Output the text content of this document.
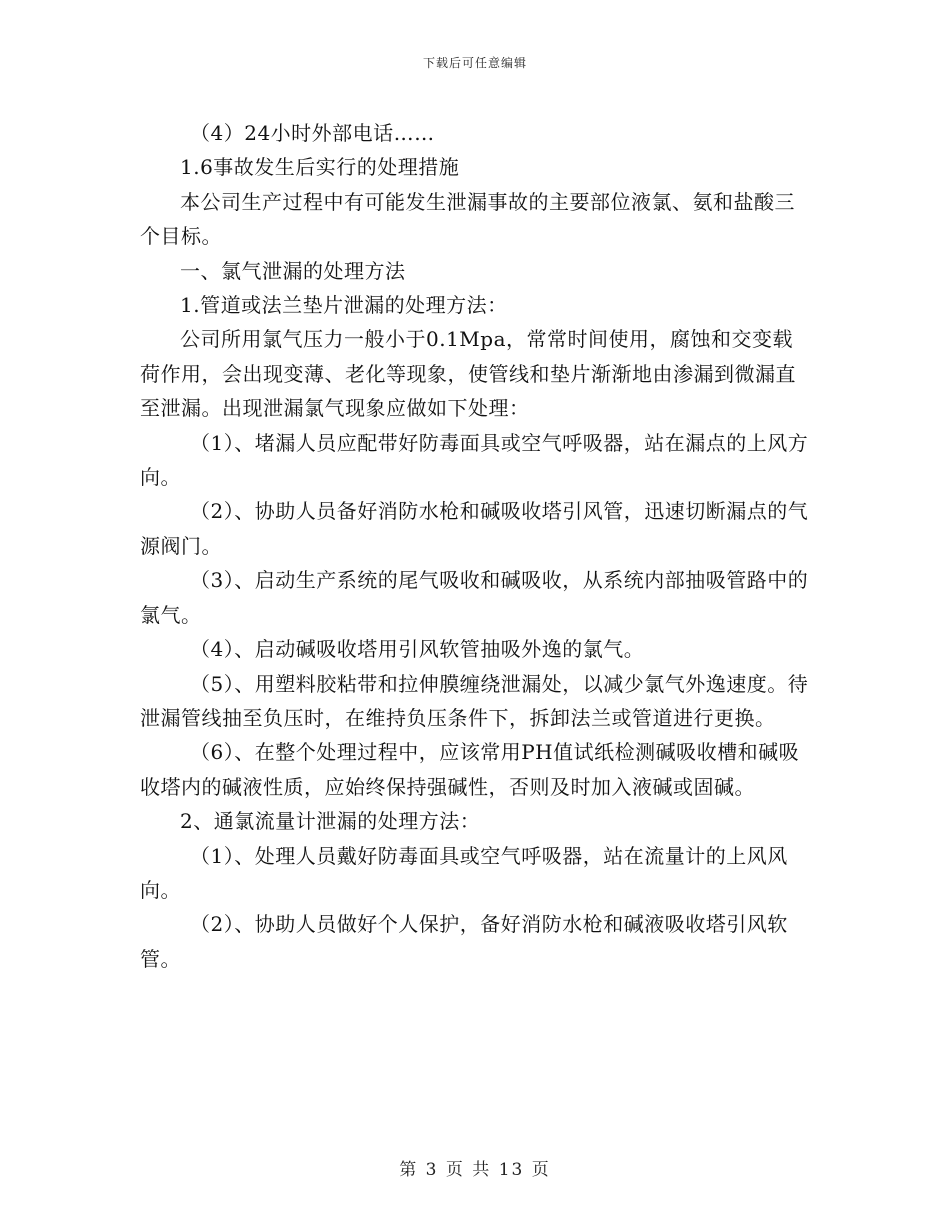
下载后可任意编辑

（4）24小时外部电话……

1.6事故发生后实行的处理措施

本公司生产过程中有可能发生泄漏事故的主要部位液氯、氨和盐酸三个目标。

一、氯气泄漏的处理方法

1.管道或法兰垫片泄漏的处理方法：

公司所用氯气压力一般小于0.1Mpa，常常时间使用，腐蚀和交变载荷作用，会出现变薄、老化等现象，使管线和垫片渐渐地由渗漏到微漏直至泄漏。出现泄漏氯气现象应做如下处理：

（1）、堵漏人员应配带好防毒面具或空气呼吸器，站在漏点的上风方向。

（2）、协助人员备好消防水枪和碱吸收塔引风管，迅速切断漏点的气源阀门。

（3）、启动生产系统的尾气吸收和碱吸收，从系统内部抽吸管路中的氯气。

（4）、启动碱吸收塔用引风软管抽吸外逸的氯气。

（5）、用塑料胶粘带和拉伸膜缠绕泄漏处，以减少氯气外逸速度。待泄漏管线抽至负压时，在维持负压条件下，拆卸法兰或管道进行更换。

（6）、在整个处理过程中，应该常用PH值试纸检测碱吸收槽和碱吸收塔内的碱液性质，应始终保持强碱性，否则及时加入液碱或固碱。

2、通氯流量计泄漏的处理方法：

（1）、处理人员戴好防毒面具或空气呼吸器，站在流量计的上风风向。

（2）、协助人员做好个人保护，备好消防水枪和碱液吸收塔引风软管。

第 3 页 共 13 页
